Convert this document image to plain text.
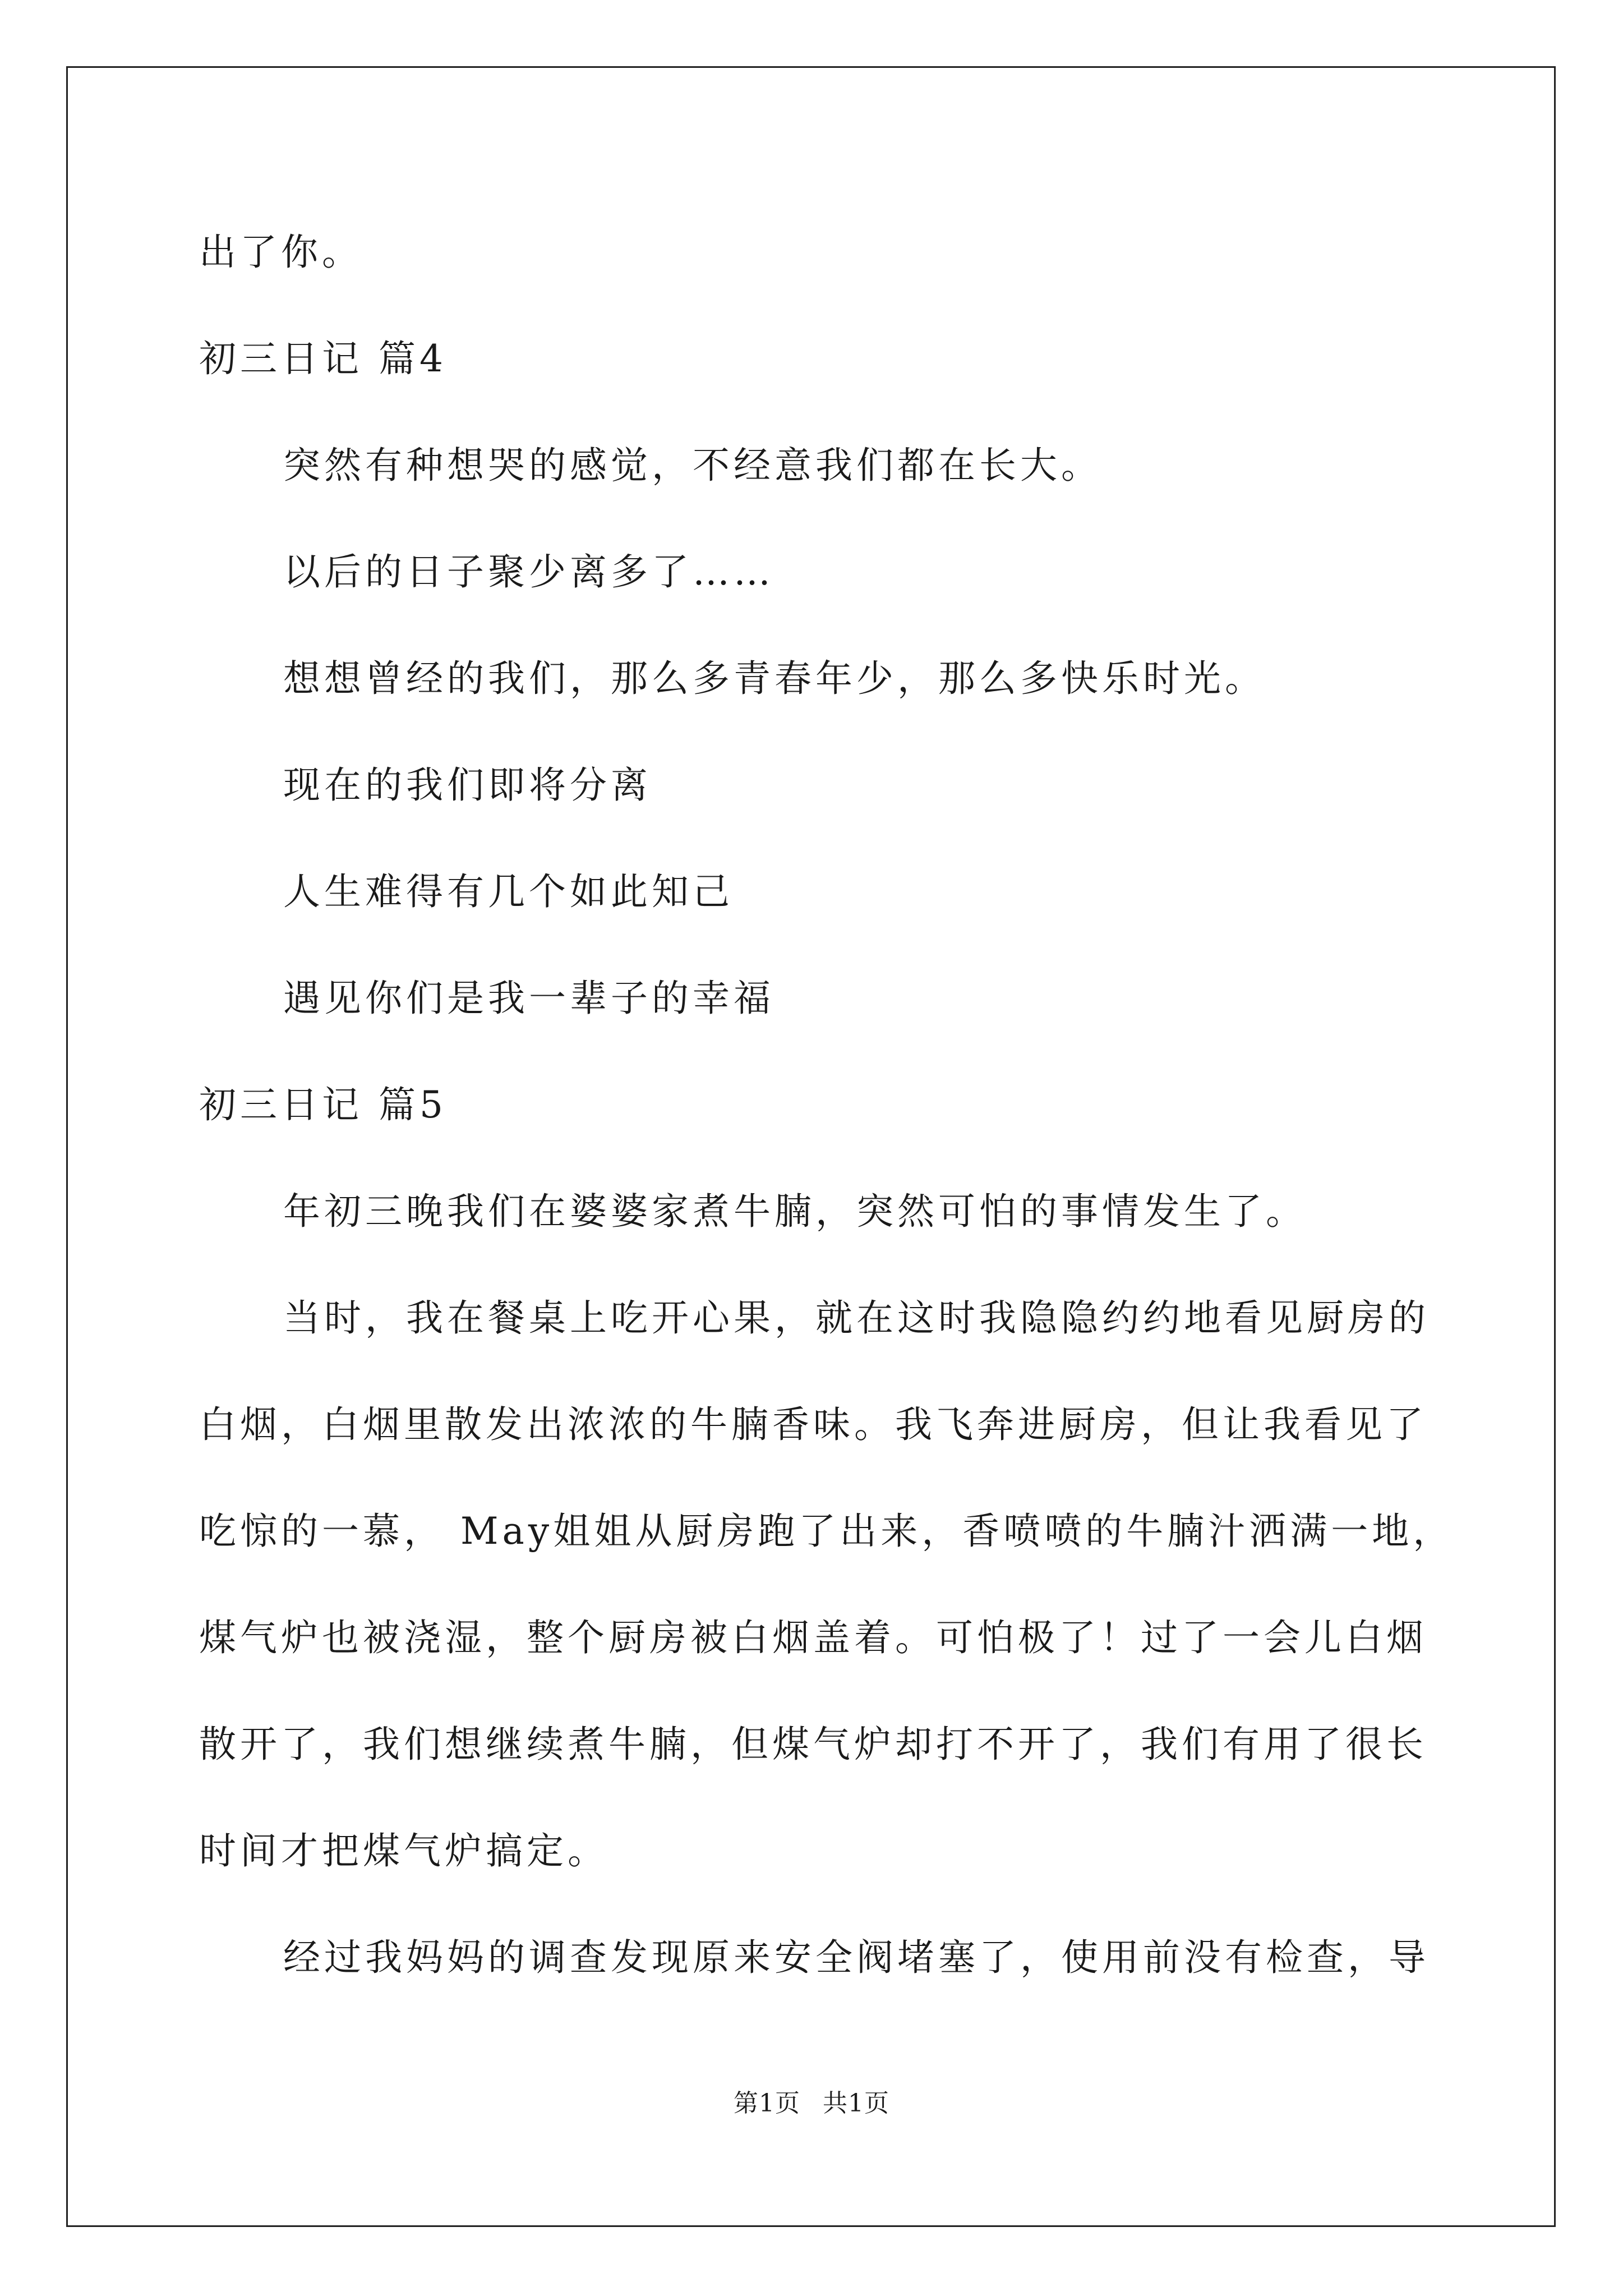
出了你。
初三日记 篇4
突然有种想哭的感觉，不经意我们都在长大。
以后的日子聚少离多了……
想想曾经的我们，那么多青春年少，那么多快乐时光。
现在的我们即将分离
人生难得有几个如此知己
遇见你们是我一辈子的幸福
初三日记 篇5
年初三晚我们在婆婆家煮牛腩，突然可怕的事情发生了。
当时，我在餐桌上吃开心果，就在这时我隐隐约约地看见厨房的
白烟，白烟里散发出浓浓的牛腩香味。我飞奔进厨房，但让我看见了
吃惊的一慕， May姐姐从厨房跑了出来，香喷喷的牛腩汁洒满一地，
煤气炉也被浇湿，整个厨房被白烟盖着。可怕极了！过了一会儿白烟
散开了，我们想继续煮牛腩，但煤气炉却打不开了，我们有用了很长
时间才把煤气炉搞定。
经过我妈妈的调查发现原来安全阀堵塞了，使用前没有检查，导
第1页 共1页
